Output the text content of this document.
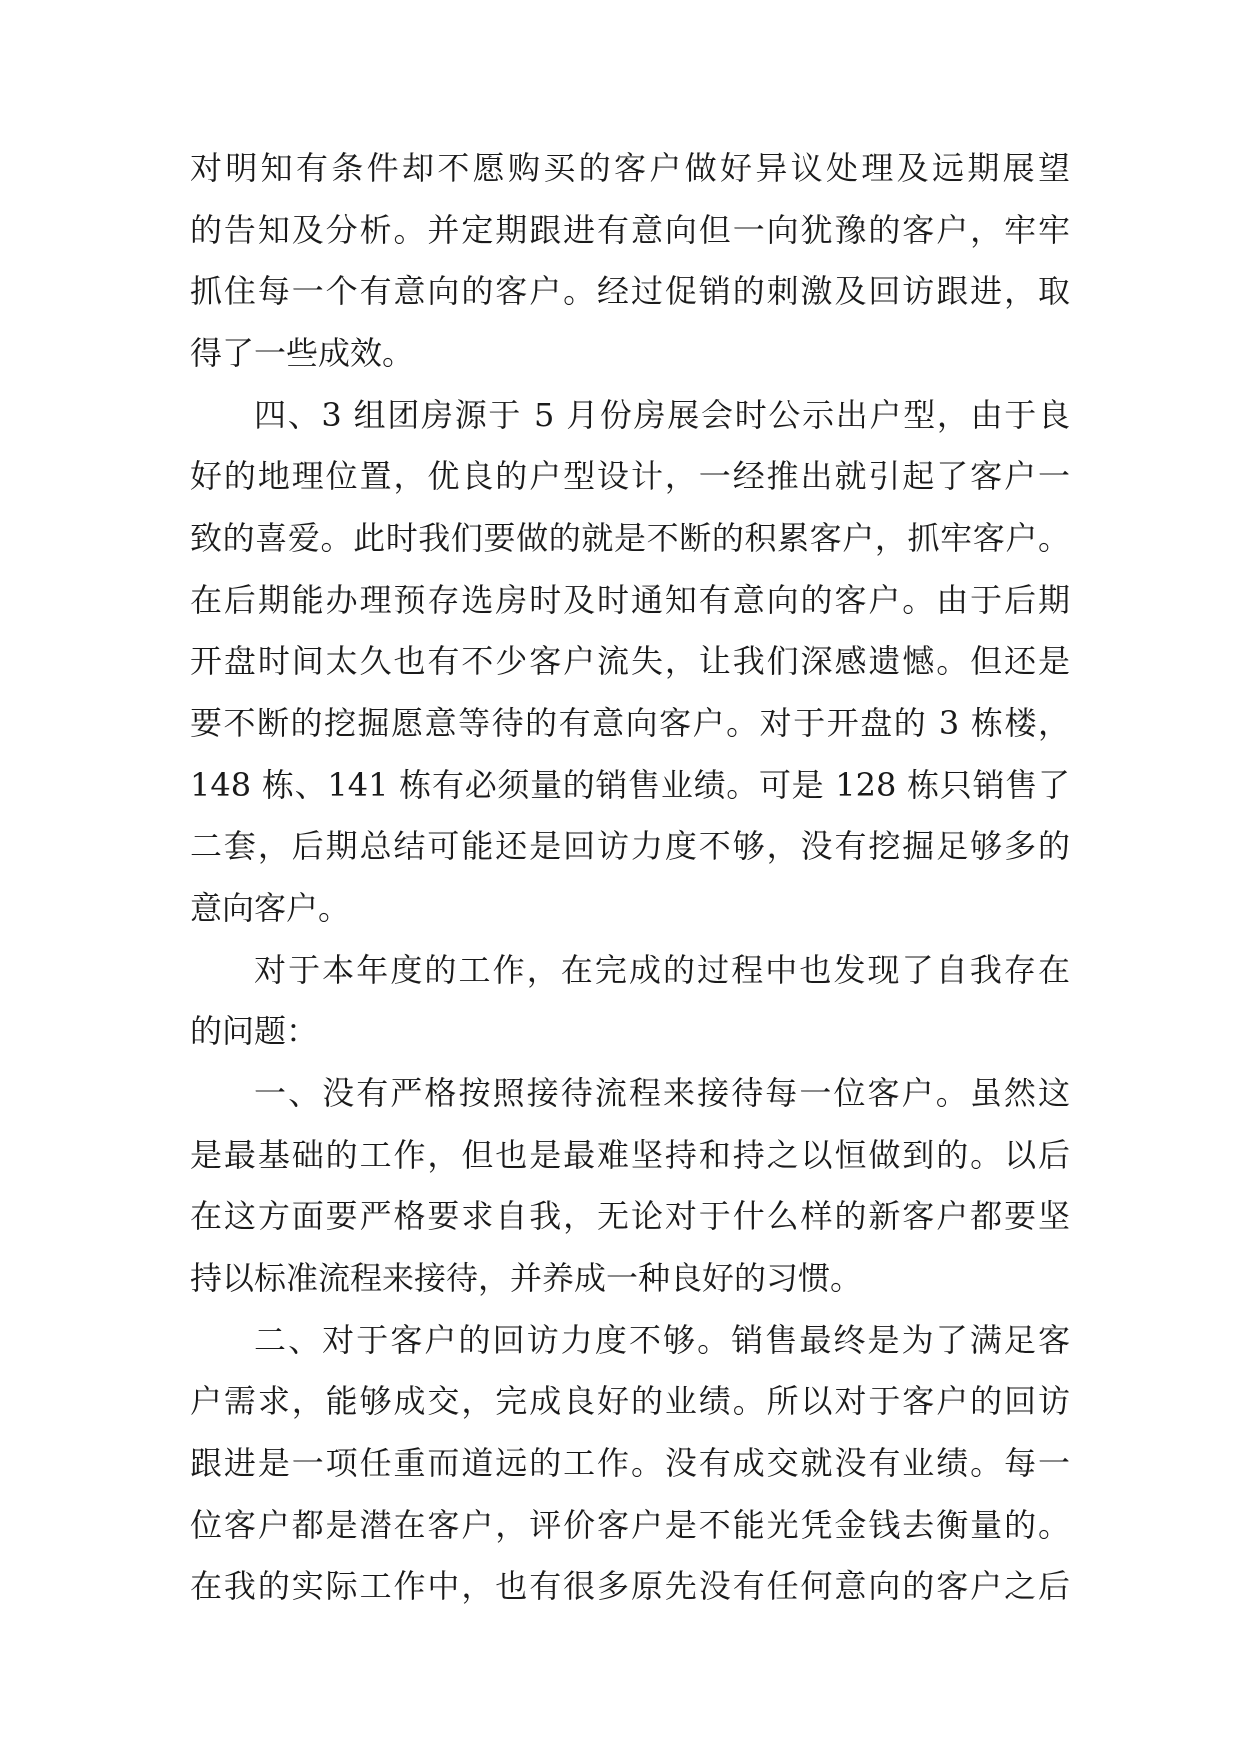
对明知有条件却不愿购买的客户做好异议处理及远期展望
的告知及分析。并定期跟进有意向但一向犹豫的客户，牢牢
抓住每一个有意向的客户。经过促销的刺激及回访跟进，取
得了一些成效。
四、3 组团房源于 5 月份房展会时公示出户型，由于良
好的地理位置，优良的户型设计，一经推出就引起了客户一
致的喜爱。此时我们要做的就是不断的积累客户，抓牢客户。
在后期能办理预存选房时及时通知有意向的客户。由于后期
开盘时间太久也有不少客户流失，让我们深感遗憾。但还是
要不断的挖掘愿意等待的有意向客户。对于开盘的 3 栋楼，
148 栋、141 栋有必须量的销售业绩。可是 128 栋只销售了
二套，后期总结可能还是回访力度不够，没有挖掘足够多的
意向客户。
对于本年度的工作，在完成的过程中也发现了自我存在
的问题：
一、没有严格按照接待流程来接待每一位客户。虽然这
是最基础的工作，但也是最难坚持和持之以恒做到的。以后
在这方面要严格要求自我，无论对于什么样的新客户都要坚
持以标准流程来接待，并养成一种良好的习惯。
二、对于客户的回访力度不够。销售最终是为了满足客
户需求，能够成交，完成良好的业绩。所以对于客户的回访
跟进是一项任重而道远的工作。没有成交就没有业绩。每一
位客户都是潜在客户，评价客户是不能光凭金钱去衡量的。
在我的实际工作中，也有很多原先没有任何意向的客户之后
